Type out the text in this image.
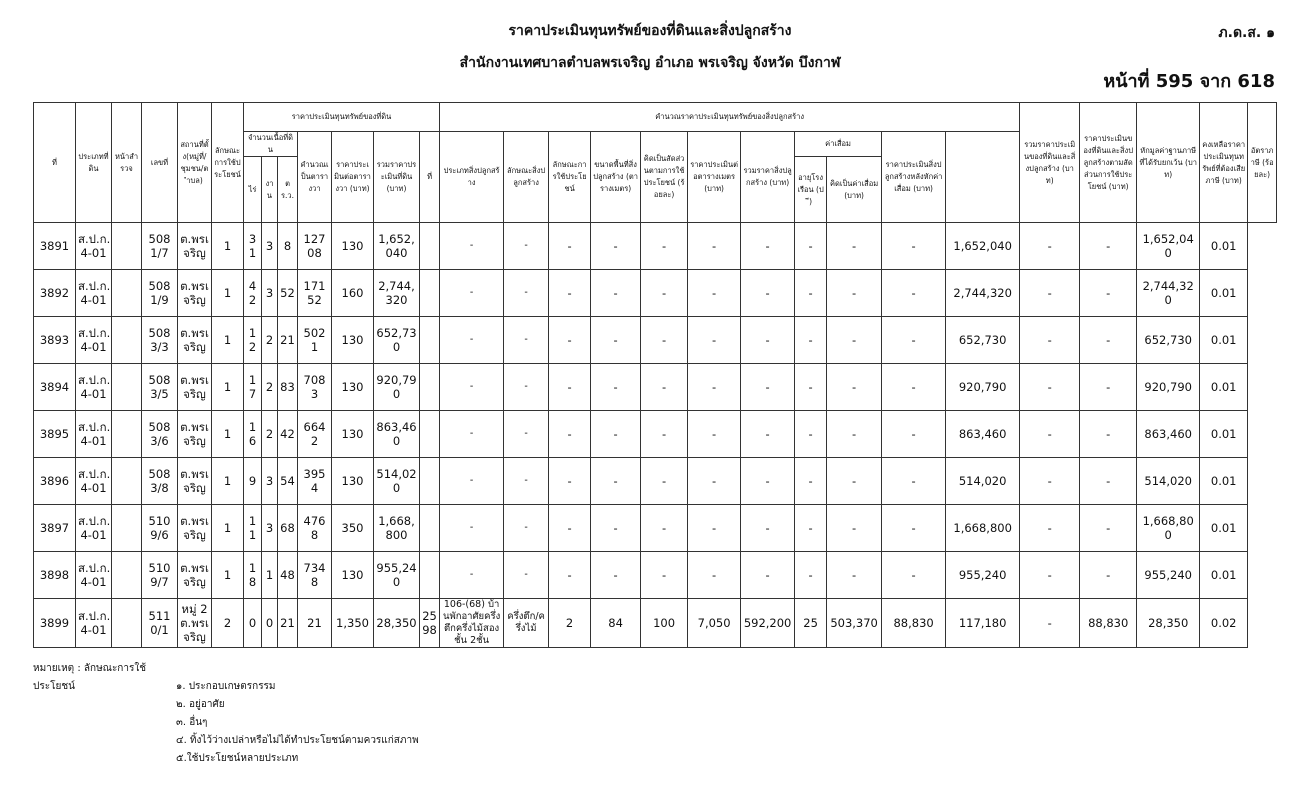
ราคาประเมินทุนทรัพย์ของที่ดินและสิ่งปลูกสร้าง
สำนักงานเทศบาลตำบลพรเจริญ อำเภอ พรเจริญ จังหวัด บึงกาฬ
ภ.ด.ส. ๑
หน้าที่ 595 จาก 618
ที่	ประเภทที่ดิน	หน้าสำรวจ	เลขที่	สถานที่ตั้ง(หมู่ที่/ชุมชน/ตำบล)	ลักษณะการใช้ประโยชน์	ราคาประเมินทุนทรัพย์ของที่ดิน							คำนวณราคาประเมินทุนทรัพย์ของสิ่งปลูกสร้าง											รวมราคาประเมินของที่ดินและสิ่งปลูกสร้าง (บาท)	ราคาประเมินของที่ดินและสิ่งปลูกสร้างตามสัดส่วนการใช้ประโยชน์ (บาท)	หักมูลค่าฐานภาษีที่ได้รับยกเว้น (บาท)	คงเหลือราคาประเมินทุนทรัพย์ที่ต้องเสียภาษี (บาท)	อัตราภาษี (ร้อยละ)
						จำนวนเนื้อที่ดิน			คำนวณเป็นตารางวา	ราคาประเมินต่อตารางวา (บาท)	รวมราคาประเมินที่ดิน (บาท)	ที่	ประเภทสิ่งปลูกสร้าง	ลักษณะสิ่งปลูกสร้าง	ลักษณะการใช้ประโยชน์	ขนาดพื้นที่สิ่งปลูกสร้าง (ตารางเมตร)	คิดเป็นสัดส่วนตามการใช้ประโยชน์ (ร้อยละ)	ราคาประเมินต่อตารางเมตร (บาท)	รวมราคาสิ่งปลูกสร้าง (บาท)	ค่าเสื่อม		ราคาประเมินสิ่งปลูกสร้างหลังหักค่าเสื่อม (บาท)						
						ไร่	งาน	ตร.ว.												อายุโรงเรือน (ปี)	คิดเป็นค่าเสื่อม (บาท)							
3891	ส.ป.ก. 4-01		5081/7	ต.พรเจริญ	1	31	3	8	12708	130	1,652,040		-	-	-	-	-	-	-	-	-	-	1,652,040	-	-	1,652,040	0.01	
3892	ส.ป.ก. 4-01		5081/9	ต.พรเจริญ	1	42	3	52	17152	160	2,744,320		-	-	-	-	-	-	-	-	-	-	2,744,320	-	-	2,744,320	0.01	
3893	ส.ป.ก. 4-01		5083/3	ต.พรเจริญ	1	12	2	21	5021	130	652,730		-	-	-	-	-	-	-	-	-	-	652,730	-	-	652,730	0.01	
3894	ส.ป.ก. 4-01		5083/5	ต.พรเจริญ	1	17	2	83	7083	130	920,790		-	-	-	-	-	-	-	-	-	-	920,790	-	-	920,790	0.01	
3895	ส.ป.ก. 4-01		5083/6	ต.พรเจริญ	1	16	2	42	6642	130	863,460		-	-	-	-	-	-	-	-	-	-	863,460	-	-	863,460	0.01	
3896	ส.ป.ก. 4-01		5083/8	ต.พรเจริญ	1	9	3	54	3954	130	514,020		-	-	-	-	-	-	-	-	-	-	514,020	-	-	514,020	0.01	
3897	ส.ป.ก. 4-01		5109/6	ต.พรเจริญ	1	11	3	68	4768	350	1,668,800		-	-	-	-	-	-	-	-	-	-	1,668,800	-	-	1,668,800	0.01	
3898	ส.ป.ก. 4-01		5109/7	ต.พรเจริญ	1	18	1	48	7348	130	955,240		-	-	-	-	-	-	-	-	-	-	955,240	-	-	955,240	0.01	
3899	ส.ป.ก. 4-01		5110/1	หมู่ 2 ต.พรเจริญ	2	0	0	21	21	1,350	28,350	2598	106-(68) บ้านพักอาศัยครึ่งตึกครึ่งไม้สองชั้น 2ชั้น	ครึ่งตึก/ครึ่งไม้	2	84	100	7,050	592,200	25	503,370	88,830	117,180	-	88,830	28,350	0.02	
หมายเหตุ : ลักษณะการใช้ประโยชน์	๑. ประกอบเกษตรกรรม
๒. อยู่อาศัย
๓. อื่นๆ
๔. ทิ้งไว้ว่างเปล่าหรือไม่ได้ทำประโยชน์ตามควรแก่สภาพ
๕.ใช้ประโยชน์หลายประเภท
